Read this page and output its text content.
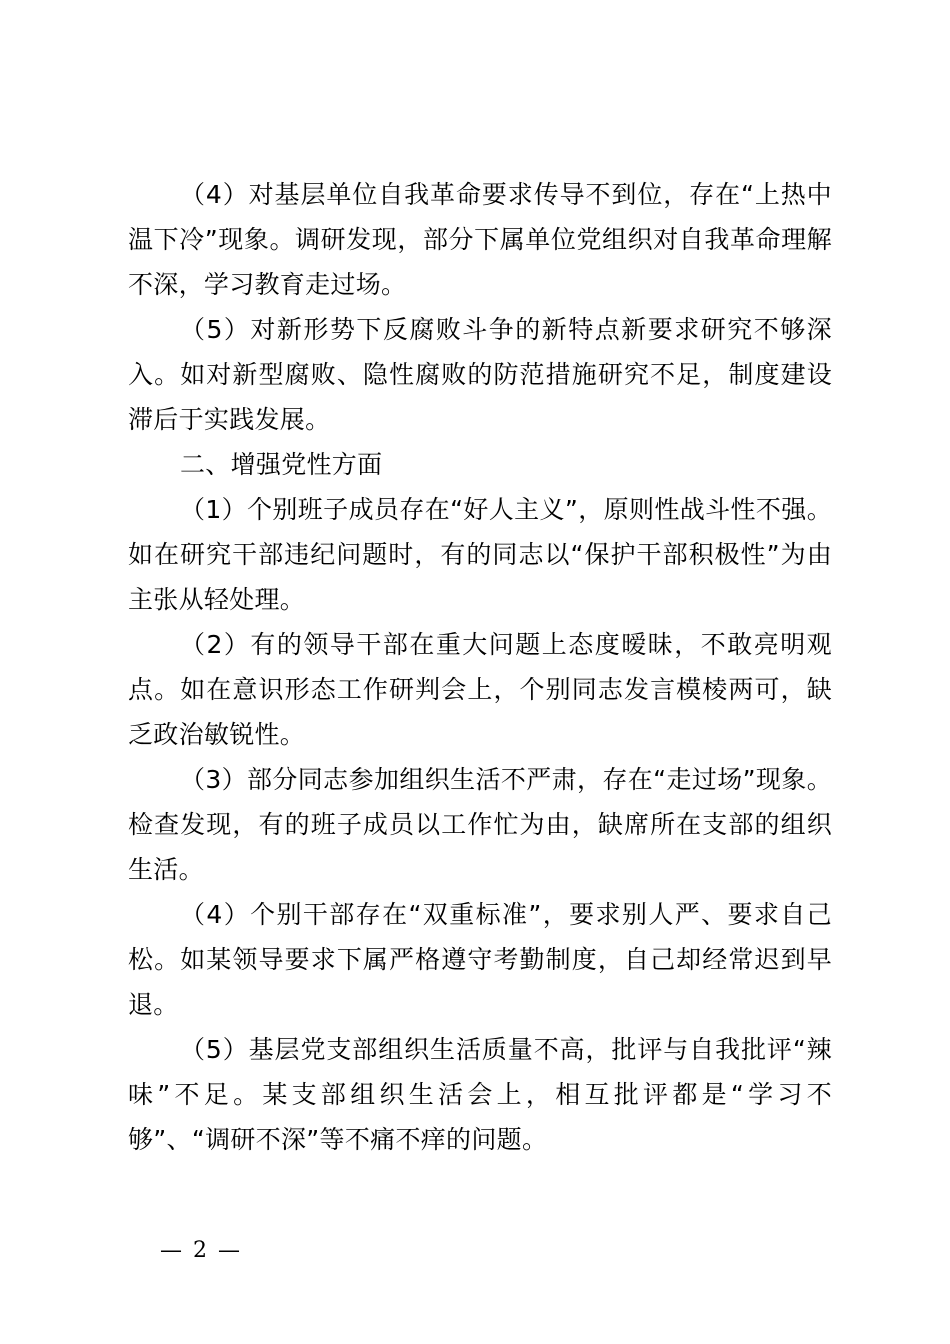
（4）对基层单位自我革命要求传导不到位，存在“上热中温下冷”现象。调研发现，部分下属单位党组织对自我革命理解不深，学习教育走过场。

（5）对新形势下反腐败斗争的新特点新要求研究不够深入。如对新型腐败、隐性腐败的防范措施研究不足，制度建设滞后于实践发展。

二、增强党性方面

（1）个别班子成员存在“好人主义”，原则性战斗性不强。如在研究干部违纪问题时，有的同志以“保护干部积极性”为由主张从轻处理。

（2）有的领导干部在重大问题上态度暧昧，不敢亮明观点。如在意识形态工作研判会上，个别同志发言模棱两可，缺乏政治敏锐性。

（3）部分同志参加组织生活不严肃，存在“走过场”现象。检查发现，有的班子成员以工作忙为由，缺席所在支部的组织生活。

（4）个别干部存在“双重标准”，要求别人严、要求自己松。如某领导要求下属严格遵守考勤制度，自己却经常迟到早退。

（5）基层党支部组织生活质量不高，批评与自我批评“辣味”不足。某支部组织生活会上，相互批评都是“学习不够”、“调研不深”等不痛不痒的问题。

— 2 —
